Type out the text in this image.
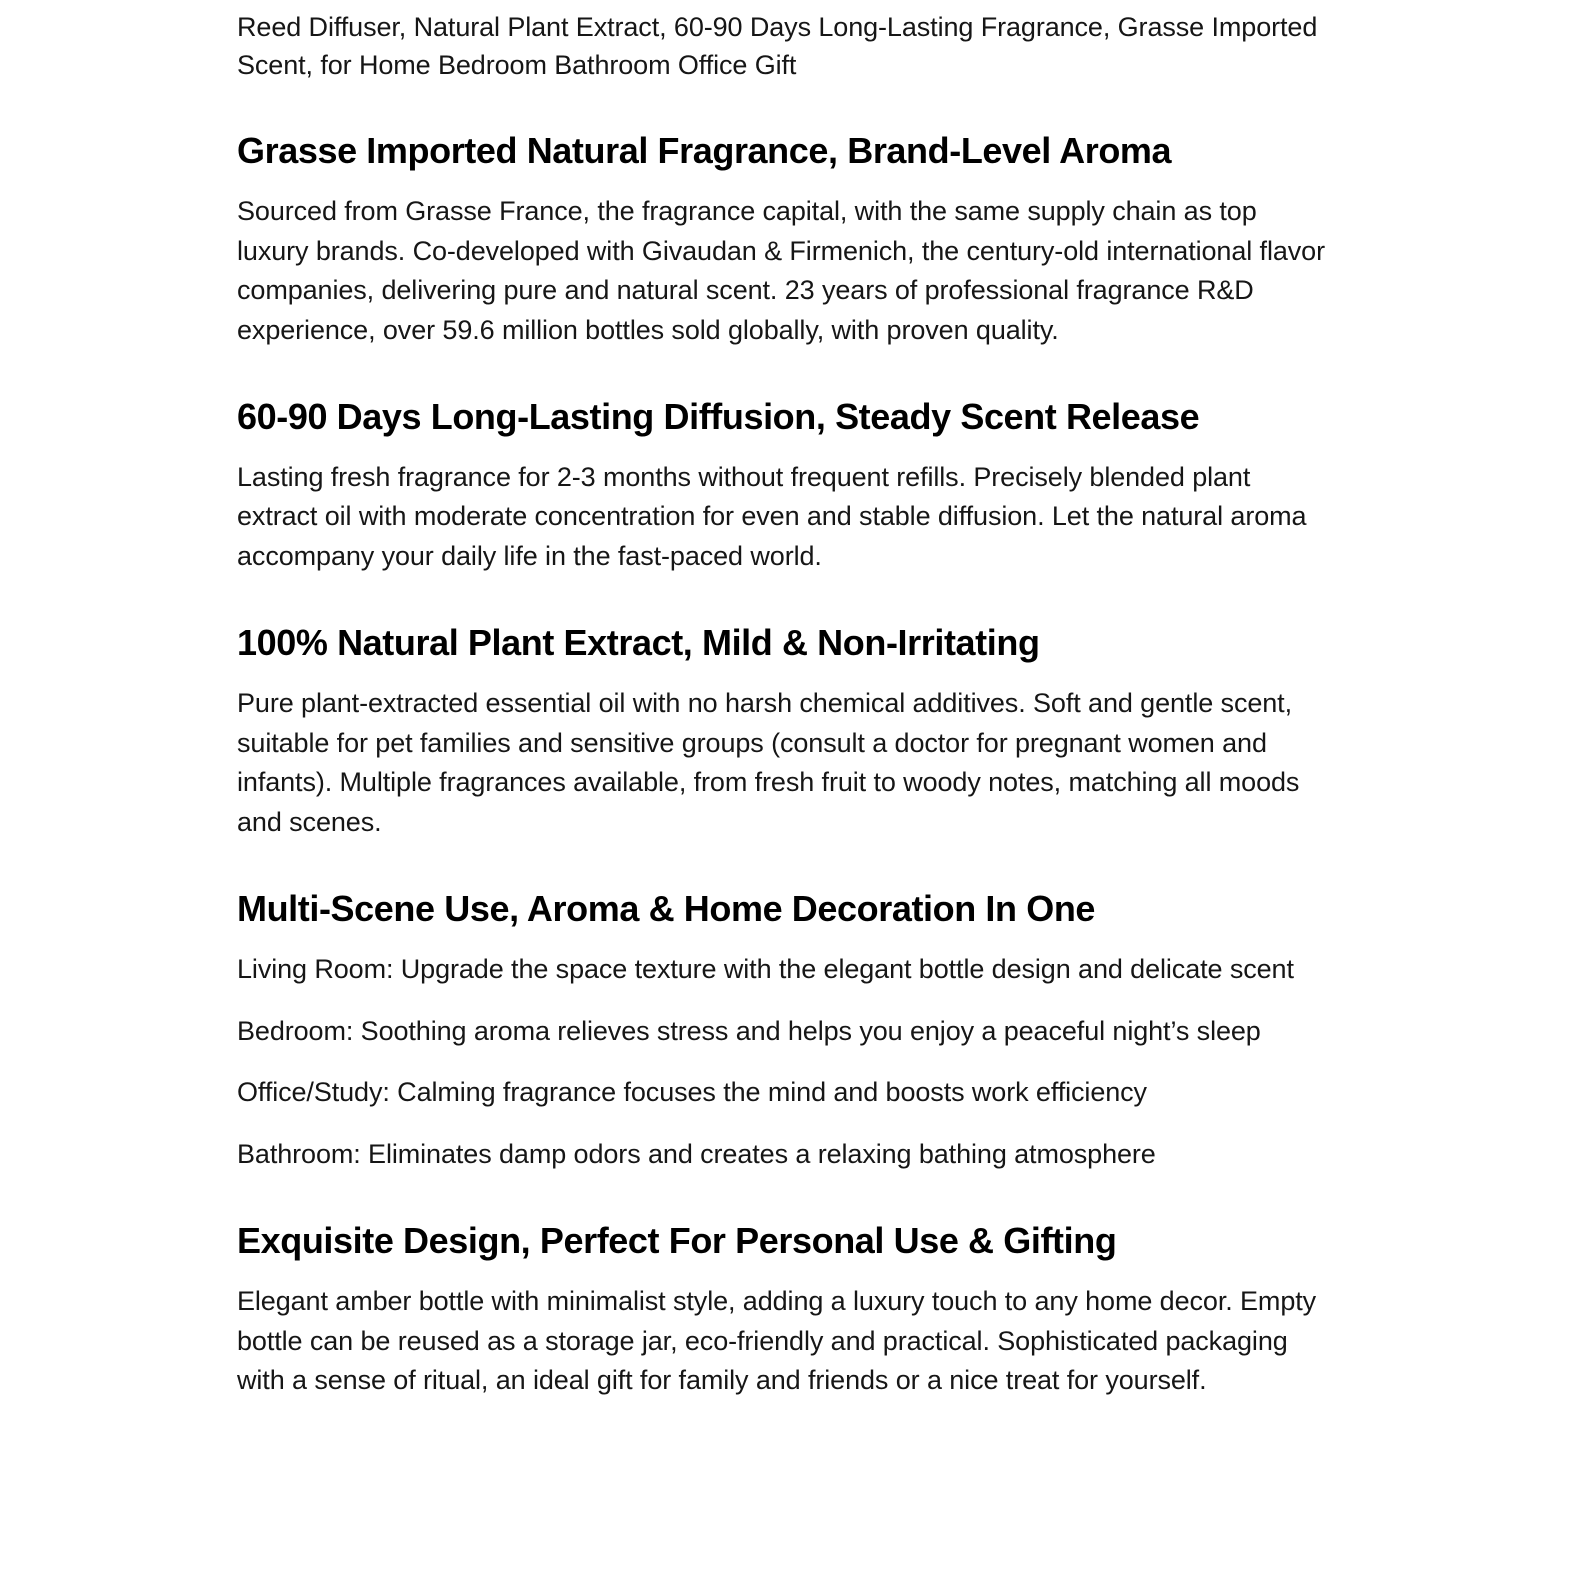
Reed Diffuser, Natural Plant Extract, 60-90 Days Long-Lasting Fragrance, Grasse Imported Scent, for Home Bedroom Bathroom Office Gift

Grasse Imported Natural Fragrance, Brand-Level Aroma

Sourced from Grasse France, the fragrance capital, with the same supply chain as top luxury brands. Co-developed with Givaudan & Firmenich, the century-old international flavor companies, delivering pure and natural scent. 23 years of professional fragrance R&D experience, over 59.6 million bottles sold globally, with proven quality.

60-90 Days Long-Lasting Diffusion, Steady Scent Release

Lasting fresh fragrance for 2-3 months without frequent refills. Precisely blended plant extract oil with moderate concentration for even and stable diffusion. Let the natural aroma accompany your daily life in the fast-paced world.

100% Natural Plant Extract, Mild & Non-Irritating

Pure plant-extracted essential oil with no harsh chemical additives. Soft and gentle scent, suitable for pet families and sensitive groups (consult a doctor for pregnant women and infants). Multiple fragrances available, from fresh fruit to woody notes, matching all moods and scenes.

Multi-Scene Use, Aroma & Home Decoration In One

Living Room: Upgrade the space texture with the elegant bottle design and delicate scent

Bedroom: Soothing aroma relieves stress and helps you enjoy a peaceful night’s sleep

Office/Study: Calming fragrance focuses the mind and boosts work efficiency

Bathroom: Eliminates damp odors and creates a relaxing bathing atmosphere

Exquisite Design, Perfect For Personal Use & Gifting

Elegant amber bottle with minimalist style, adding a luxury touch to any home decor. Empty bottle can be reused as a storage jar, eco-friendly and practical. Sophisticated packaging with a sense of ritual, an ideal gift for family and friends or a nice treat for yourself.
